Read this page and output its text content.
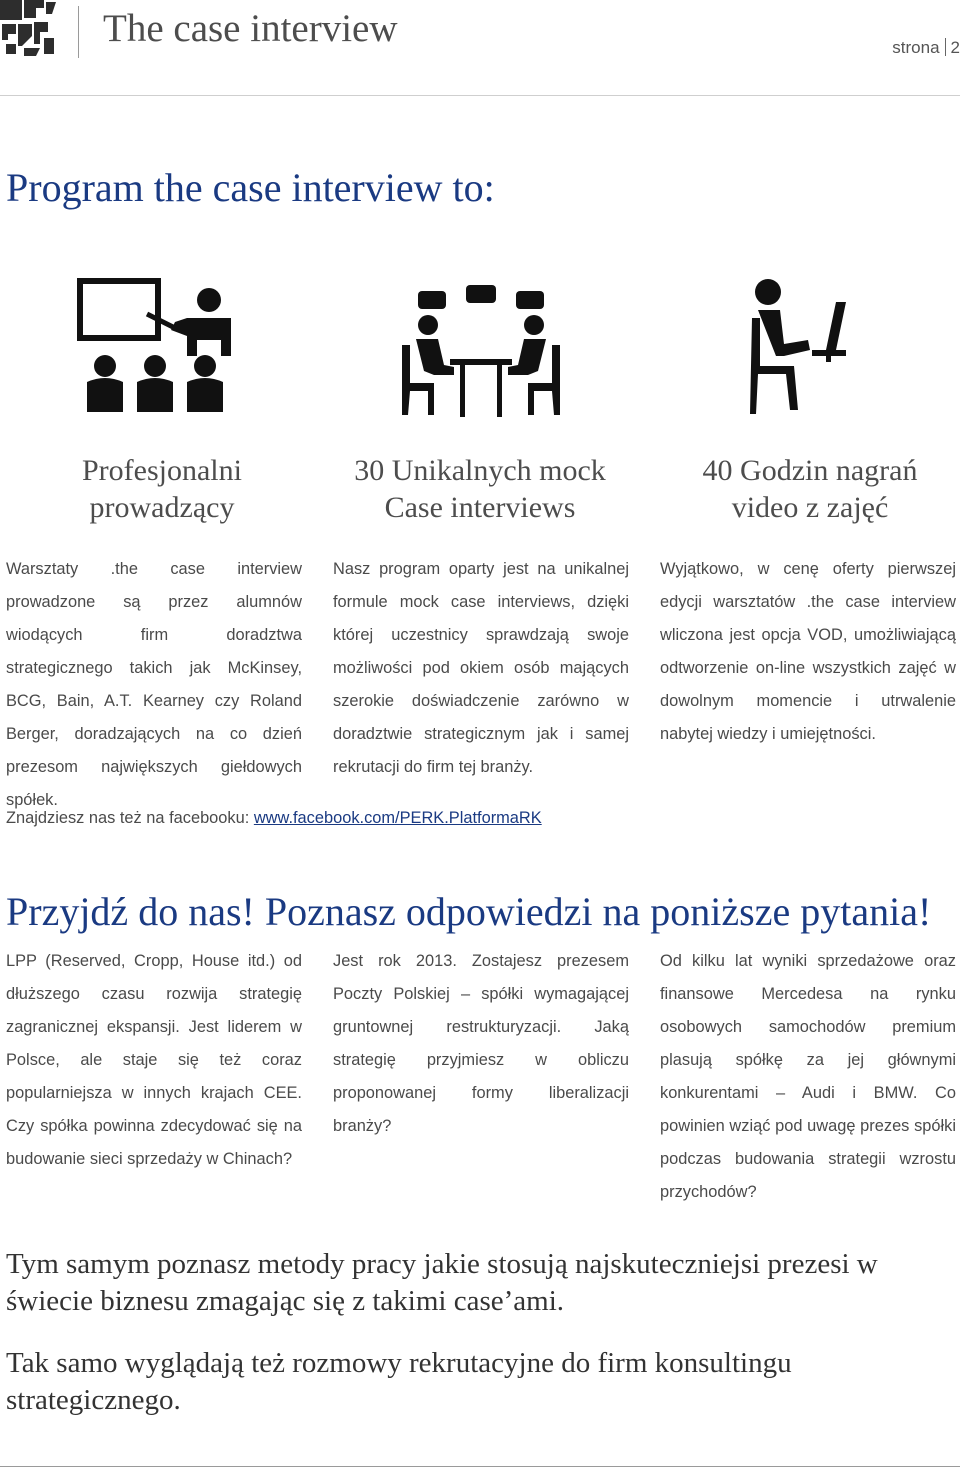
The case interview	strona 2
Program the case interview to:
Profesjonalni
prowadzący
30 Unikalnych mock
Case interviews
40 Godzin nagrań
video z zajęć
Warsztaty .the case interview prowadzone są przez alumnów wiodących firm doradztwa strategicznego takich jak McKinsey, BCG, Bain, A.T. Kearney czy Roland Berger, doradzających na co dzień prezesom największych giełdowych spółek.
Nasz program oparty jest na unikalnej formule mock case interviews, dzięki której uczestnicy sprawdzają swoje możliwości pod okiem osób mających szerokie doświadczenie zarówno w doradztwie strategicznym jak i samej rekrutacji do firm tej branży.
Wyjątkowo, w cenę oferty pierwszej edycji warsztatów .the case interview wliczona jest opcja VOD, umożliwiającą odtworzenie on-line wszystkich zajęć w dowolnym momencie i utrwalenie nabytej wiedzy i umiejętności.
Znajdziesz nas też na facebooku: www.facebook.com/PERK.PlatformaRK
Przyjdź do nas! Poznasz odpowiedzi na poniższe pytania!
LPP (Reserved, Cropp, House itd.) od dłuższego czasu rozwija strategię zagranicznej ekspansji. Jest liderem w Polsce, ale staje się też coraz popularniejsza w innych krajach CEE. Czy spółka powinna zdecydować się na budowanie sieci sprzedaży w Chinach?
Jest rok 2013. Zostajesz prezesem Poczty Polskiej – spółki wymagającej gruntownej restrukturyzacji. Jaką strategię przyjmiesz w obliczu proponowanej formy liberalizacji branży?
Od kilku lat wyniki sprzedażowe oraz finansowe Mercedesa na rynku osobowych samochodów premium plasują spółkę za jej głównymi konkurentami – Audi i BMW. Co powinien wziąć pod uwagę prezes spółki podczas budowania strategii wzrostu przychodów?
Tym samym poznasz metody pracy jakie stosują najskuteczniejsi prezesi w świecie biznesu zmagając się z takimi case’ami.
Tak samo wyglądają też rozmowy rekrutacyjne do firm konsultingu strategicznego.
